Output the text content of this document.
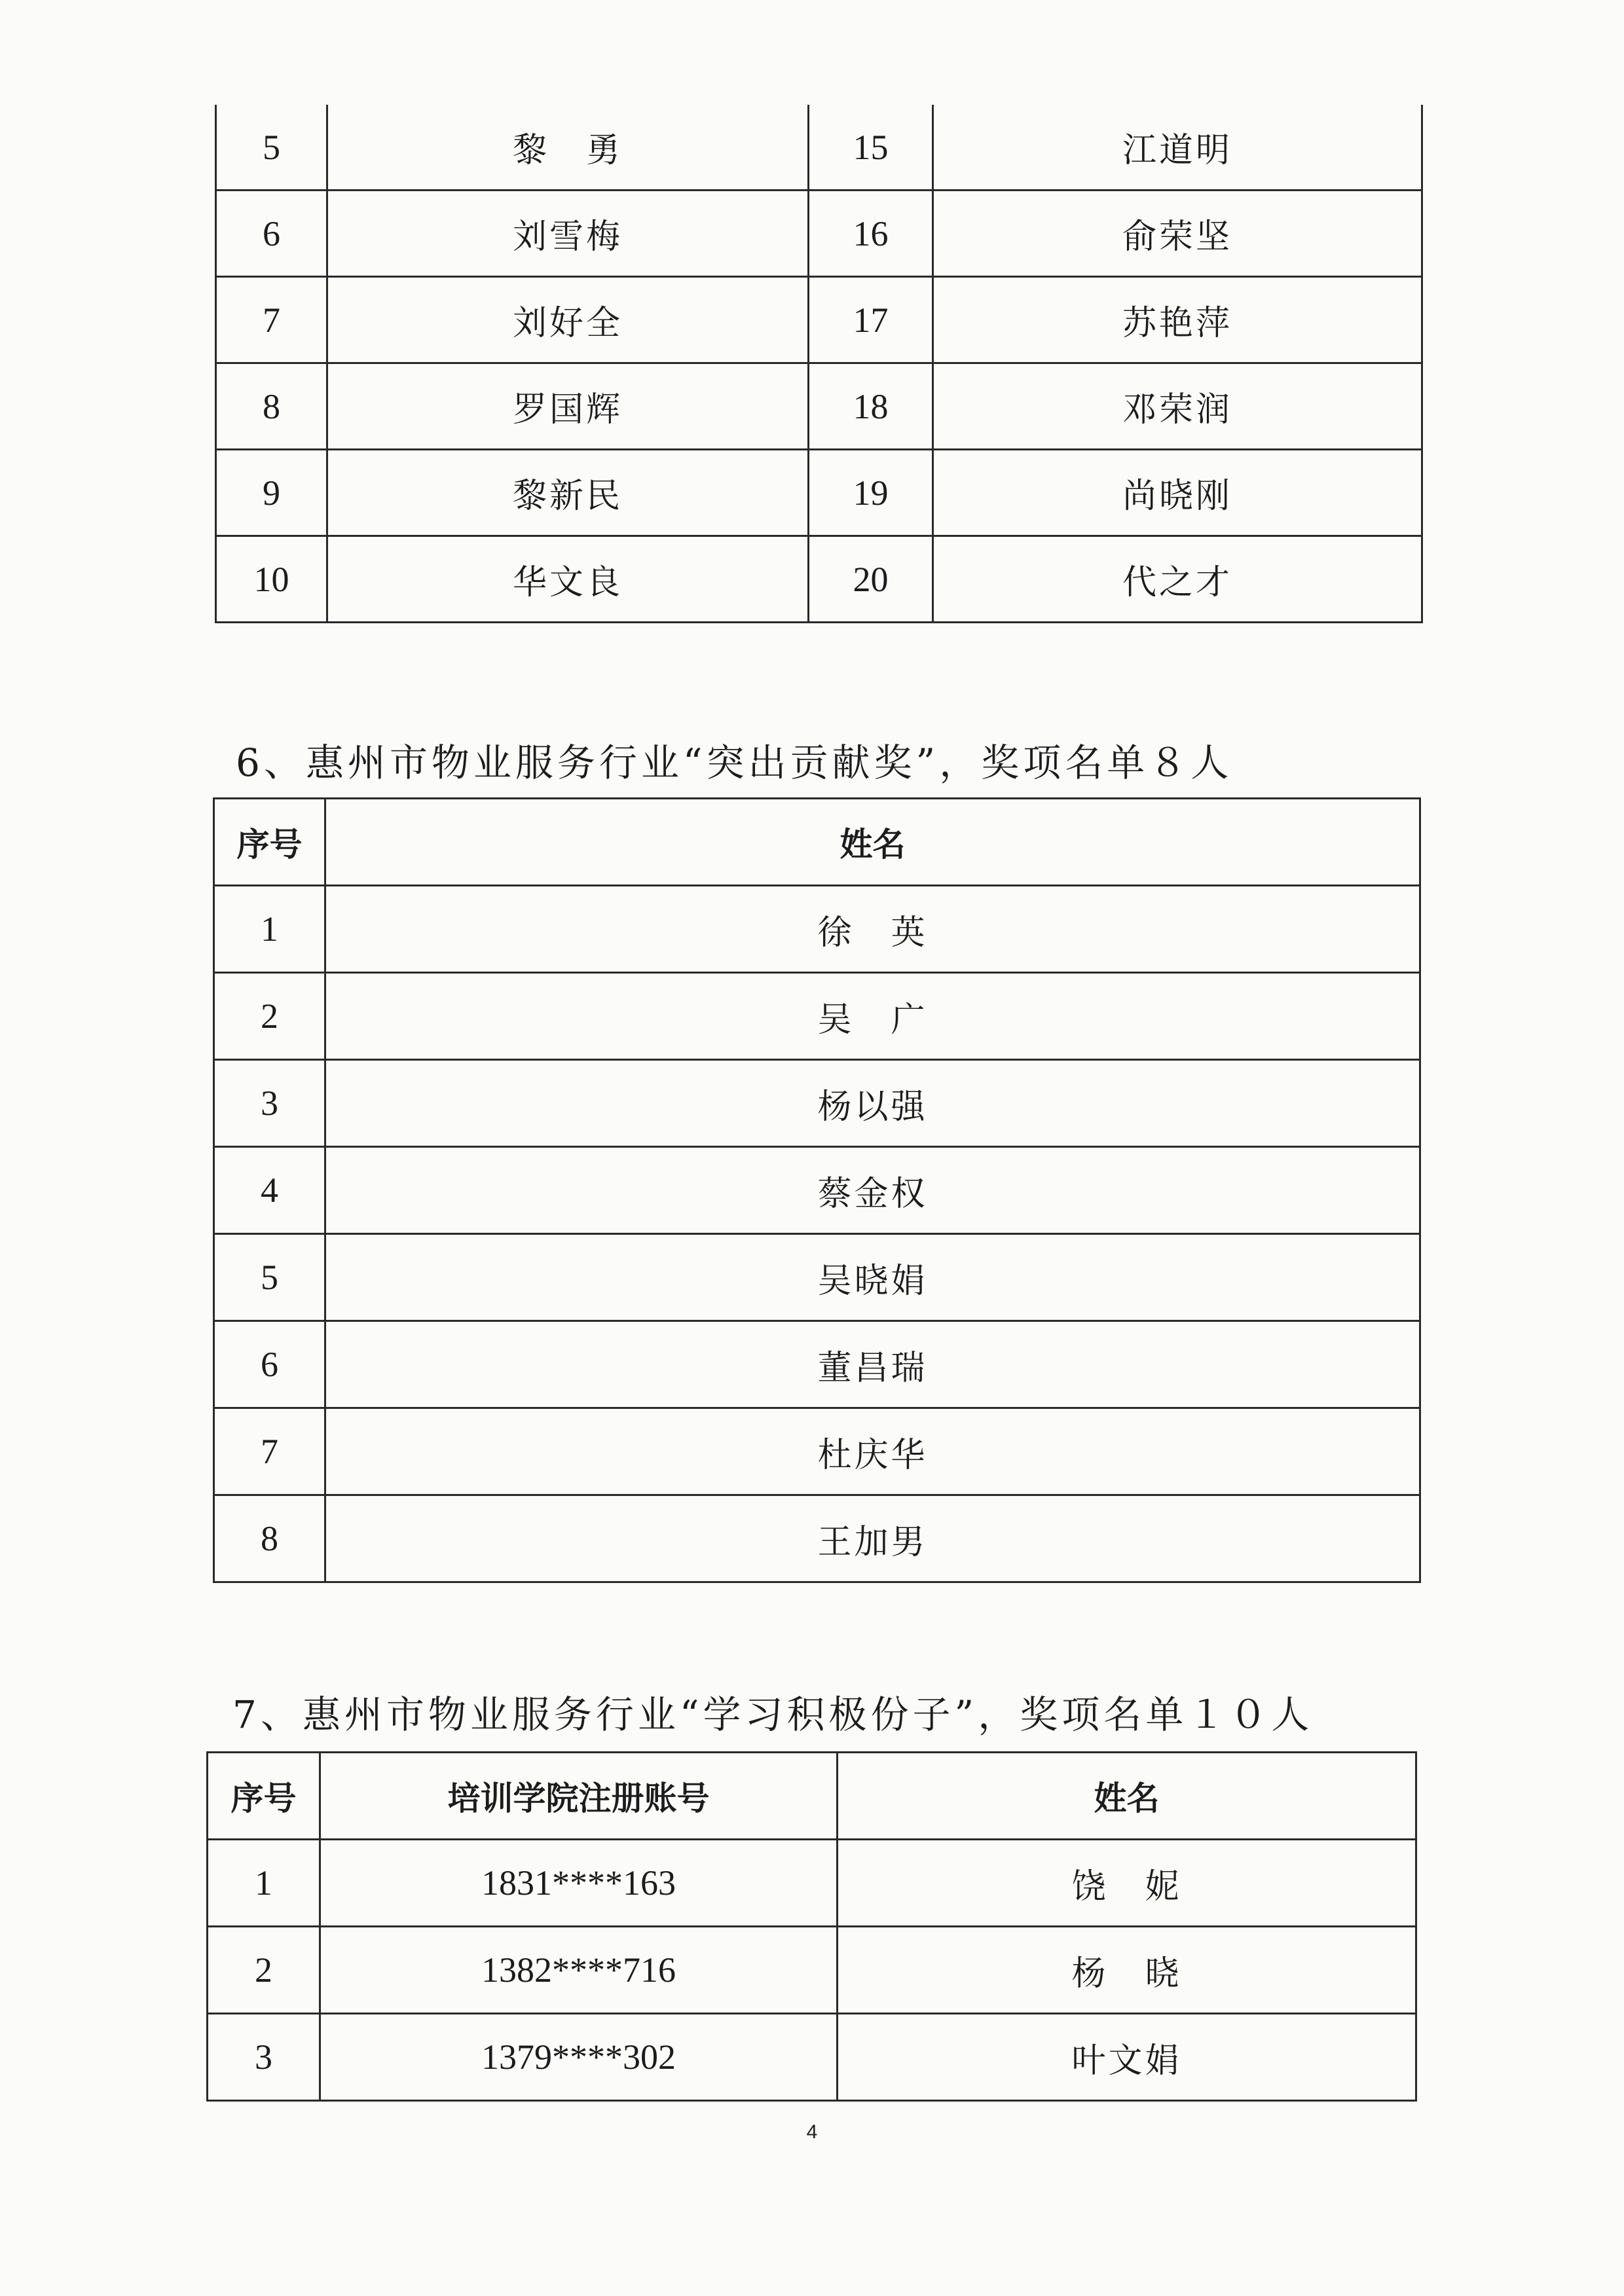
5	黎　勇	15	江道明
6	刘雪梅	16	俞荣坚
7	刘好全	17	苏艳萍
8	罗国辉	18	邓荣润
9	黎新民	19	尚晓刚
10	华文良	20	代之才
6、惠州市物业服务行业“突出贡献奖”，奖项名单８人
序号	姓名
1	徐　英
2	吴　广
3	杨以强
4	蔡金权
5	吴晓娟
6	董昌瑞
7	杜庆华
8	王加男
7、惠州市物业服务行业“学习积极份子”，奖项名单１０人
序号	培训学院注册账号	姓名
1	1831****163	饶　妮
2	1382****716	杨　晓
3	1379****302	叶文娟
4
